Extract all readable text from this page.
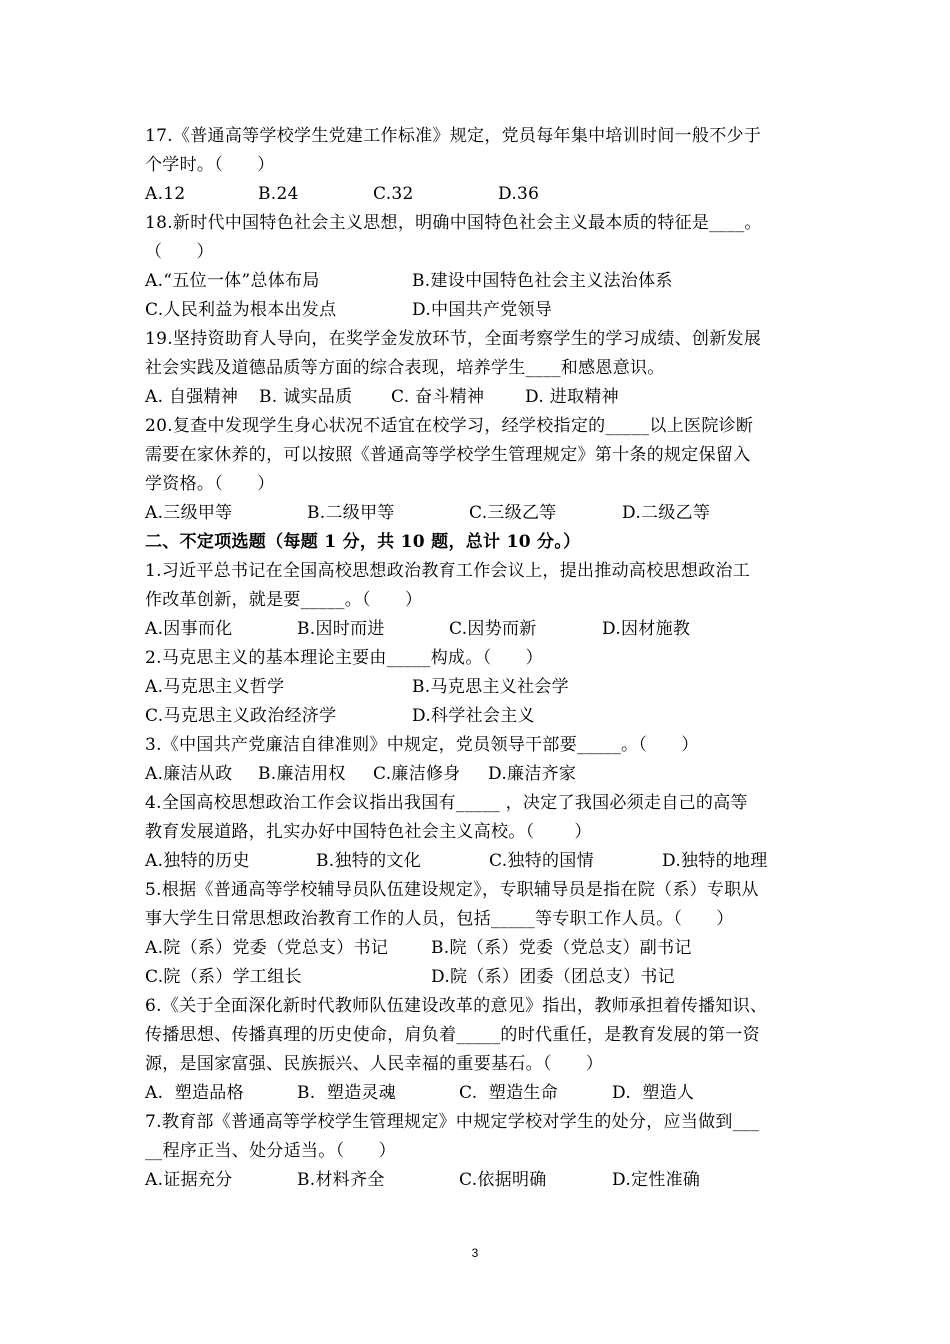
17.《普通高等学校学生党建工作标准》规定，党员每年集中培训时间一般不少于
个学时。（      ）
A.12	B.24	C.32	D.36
18.新时代中国特色社会主义思想，明确中国特色社会主义最本质的特征是____。
（      ）
A.“五位一体”总体布局	B.建设中国特色社会主义法治体系
C.人民利益为根本出发点	D.中国共产党领导
19.坚持资助育人导向，在奖学金发放环节，全面考察学生的学习成绩、创新发展
社会实践及道德品质等方面的综合表现，培养学生____和感恩意识。
A. 自强精神	B. 诚实品质	C. 奋斗精神	D. 进取精神
20.复查中发现学生身心状况不适宜在校学习，经学校指定的_____以上医院诊断
需要在家休养的，可以按照《普通高等学校学生管理规定》第十条的规定保留入
学资格。（      ）
A.三级甲等	B.二级甲等	C.三级乙等	D.二级乙等
二、不定项选题（每题 1 分，共 10 题，总计 10 分。）
1.习近平总书记在全国高校思想政治教育工作会议上，提出推动高校思想政治工
作改革创新，就是要_____。（      ）
A.因事而化	B.因时而进	C.因势而新	D.因材施教
2.马克思主义的基本理论主要由_____构成。（      ）
A.马克思主义哲学	B.马克思主义社会学
C.马克思主义政治经济学	D.科学社会主义
3.《中国共产党廉洁自律准则》中规定，党员领导干部要_____。（      ）
A.廉洁从政	B.廉洁用权	C.廉洁修身	D.廉洁齐家
4.全国高校思想政治工作会议指出我国有_____ ，决定了我国必须走自己的高等
教育发展道路，扎实办好中国特色社会主义高校。（       ）
A.独特的历史	B.独特的文化	C.独特的国情	D.独特的地理
5.根据《普通高等学校辅导员队伍建设规定》，专职辅导员是指在院（系）专职从
事大学生日常思想政治教育工作的人员，包括_____等专职工作人员。（      ）
A.院（系）党委（党总支）书记	B.院（系）党委（党总支）副书记
C.院（系）学工组长	D.院（系）团委（团总支）书记
6.《关于全面深化新时代教师队伍建设改革的意见》指出，教师承担着传播知识、
传播思想、传播真理的历史使命，肩负着_____的时代重任，是教育发展的第一资
源，是国家富强、民族振兴、人民幸福的重要基石。（      ）
A.  塑造品格	B.  塑造灵魂	C.  塑造生命	D.  塑造人
7.教育部《普通高等学校学生管理规定》中规定学校对学生的处分，应当做到___
__程序正当、处分适当。（      ）
A.证据充分	B.材料齐全	C.依据明确	D.定性准确
3
